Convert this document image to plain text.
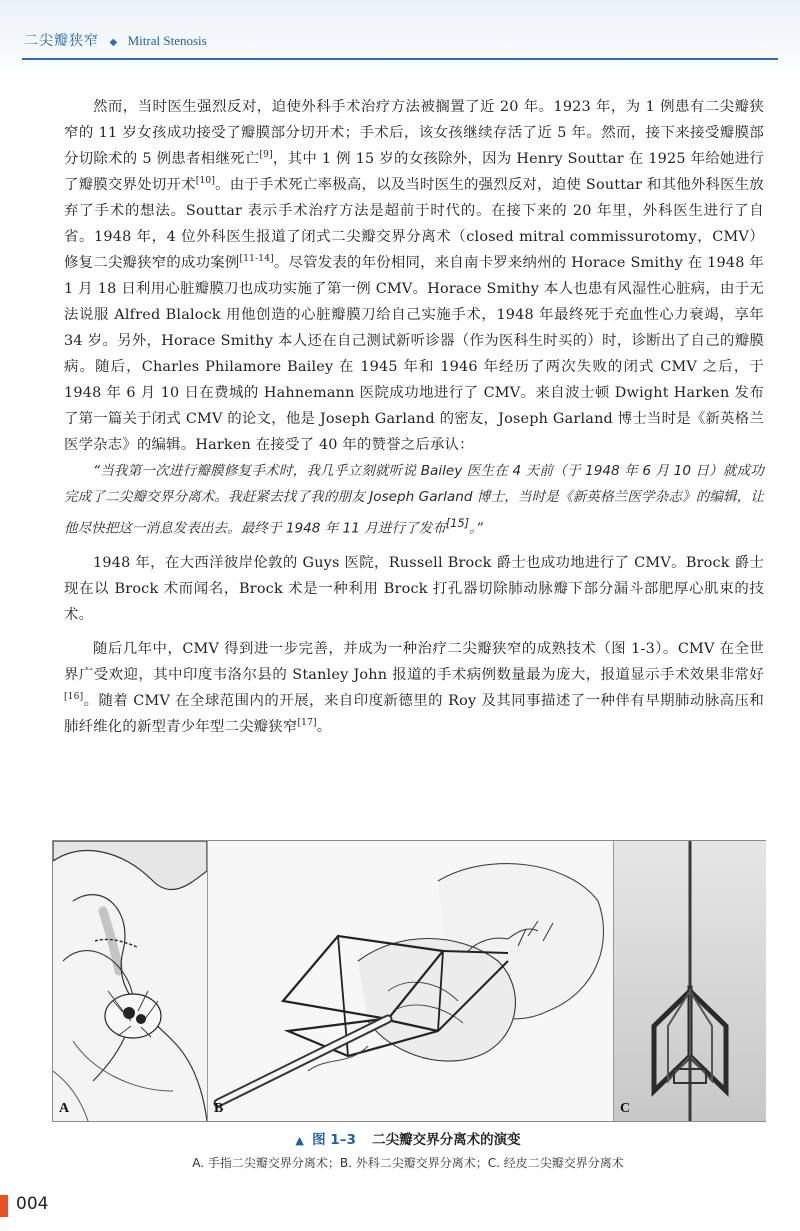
二尖瓣狭窄 ◆ Mitral Stenosis

然而，当时医生强烈反对，迫使外科手术治疗方法被搁置了近 20 年。1923 年，为 1 例患有二尖瓣狭窄的 11 岁女孩成功接受了瓣膜部分切开术；手术后，该女孩继续存活了近 5 年。然而，接下来接受瓣膜部分切除术的 5 例患者相继死亡[9]，其中 1 例 15 岁的女孩除外，因为 Henry Souttar 在 1925 年给她进行了瓣膜交界处切开术[10]。由于手术死亡率极高，以及当时医生的强烈反对，迫使 Souttar 和其他外科医生放弃了手术的想法。Souttar 表示手术治疗方法是超前于时代的。在接下来的 20 年里，外科医生进行了自省。1948 年，4 位外科医生报道了闭式二尖瓣交界分离术（closed mitral commissurotomy，CMV）修复二尖瓣狭窄的成功案例[11-14]。尽管发表的年份相同，来自南卡罗来纳州的 Horace Smithy 在 1948 年 1 月 18 日利用心脏瓣膜刀也成功实施了第一例 CMV。Horace Smithy 本人也患有风湿性心脏病，由于无法说服 Alfred Blalock 用他创造的心脏瓣膜刀给自己实施手术，1948 年最终死于充血性心力衰竭，享年 34 岁。另外，Horace Smithy 本人还在自己测试新听诊器（作为医科生时买的）时，诊断出了自己的瓣膜病。随后，Charles Philamore Bailey 在 1945 年和 1946 年经历了两次失败的闭式 CMV 之后，于 1948 年 6 月 10 日在费城的 Hahnemann 医院成功地进行了 CMV。来自波士顿 Dwight Harken 发布了第一篇关于闭式 CMV 的论文，他是 Joseph Garland 的密友，Joseph Garland 博士当时是《新英格兰医学杂志》的编辑。Harken 在接受了 40 年的赞誉之后承认：

“当我第一次进行瓣膜修复手术时，我几乎立刻就听说 Bailey 医生在 4 天前（于 1948 年 6 月 10 日）就成功完成了二尖瓣交界分离术。我赶紧去找了我的朋友 Joseph Garland 博士，当时是《新英格兰医学杂志》的编辑，让他尽快把这一消息发表出去。最终于 1948 年 11 月进行了发布[15]。”

1948 年，在大西洋彼岸伦敦的 Guys 医院，Russell Brock 爵士也成功地进行了 CMV。Brock 爵士现在以 Brock 术而闻名，Brock 术是一种利用 Brock 打孔器切除肺动脉瓣下部分漏斗部肥厚心肌束的技术。

随后几年中，CMV 得到进一步完善，并成为一种治疗二尖瓣狭窄的成熟技术（图 1-3）。CMV 在全世界广受欢迎，其中印度韦洛尔县的 Stanley John 报道的手术病例数量最为庞大，报道显示手术效果非常好[16]。随着 CMV 在全球范围内的开展，来自印度新德里的 Roy 及其同事描述了一种伴有早期肺动脉高压和肺纤维化的新型青少年型二尖瓣狭窄[17]。

A	B	C
▲ 图 1–3 二尖瓣交界分离术的演变
A. 手指二尖瓣交界分离术；B. 外科二尖瓣交界分离术；C. 经皮二尖瓣交界分离术
004
